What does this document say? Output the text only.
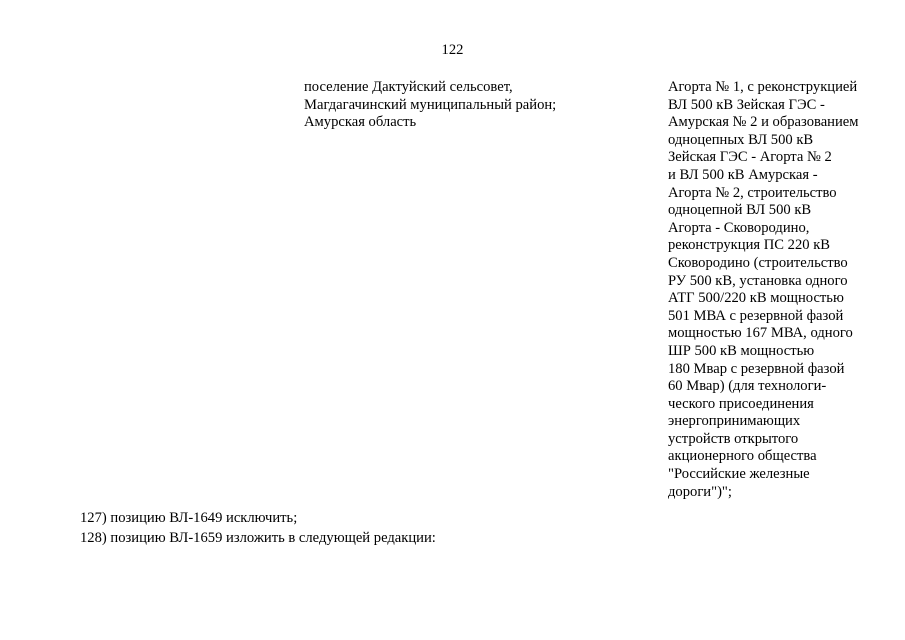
122
поселение Дактуйский сельсовет,
Магдагачинский муниципальный район;
Амурская область
Агорта № 1, с реконструкцией
ВЛ 500 кВ Зейская ГЭС -
Амурская № 2 и образованием
одноцепных ВЛ 500 кВ
Зейская ГЭС - Агорта № 2
и ВЛ 500 кВ Амурская -
Агорта № 2, строительство
одноцепной ВЛ 500 кВ
Агорта - Сковородино,
реконструкция ПС 220 кВ
Сковородино (строительство
РУ 500 кВ, установка одного
АТГ 500/220 кВ мощностью
501 МВА с резервной фазой
мощностью 167 МВА, одного
ШР 500 кВ мощностью
180 Мвар с резервной фазой
60 Мвар) (для технологи-
ческого присоединения
энергопринимающих
устройств открытого
акционерного общества
"Российские железные
дороги")";
127) позицию ВЛ-1649 исключить;
128) позицию ВЛ-1659 изложить в следующей редакции:
